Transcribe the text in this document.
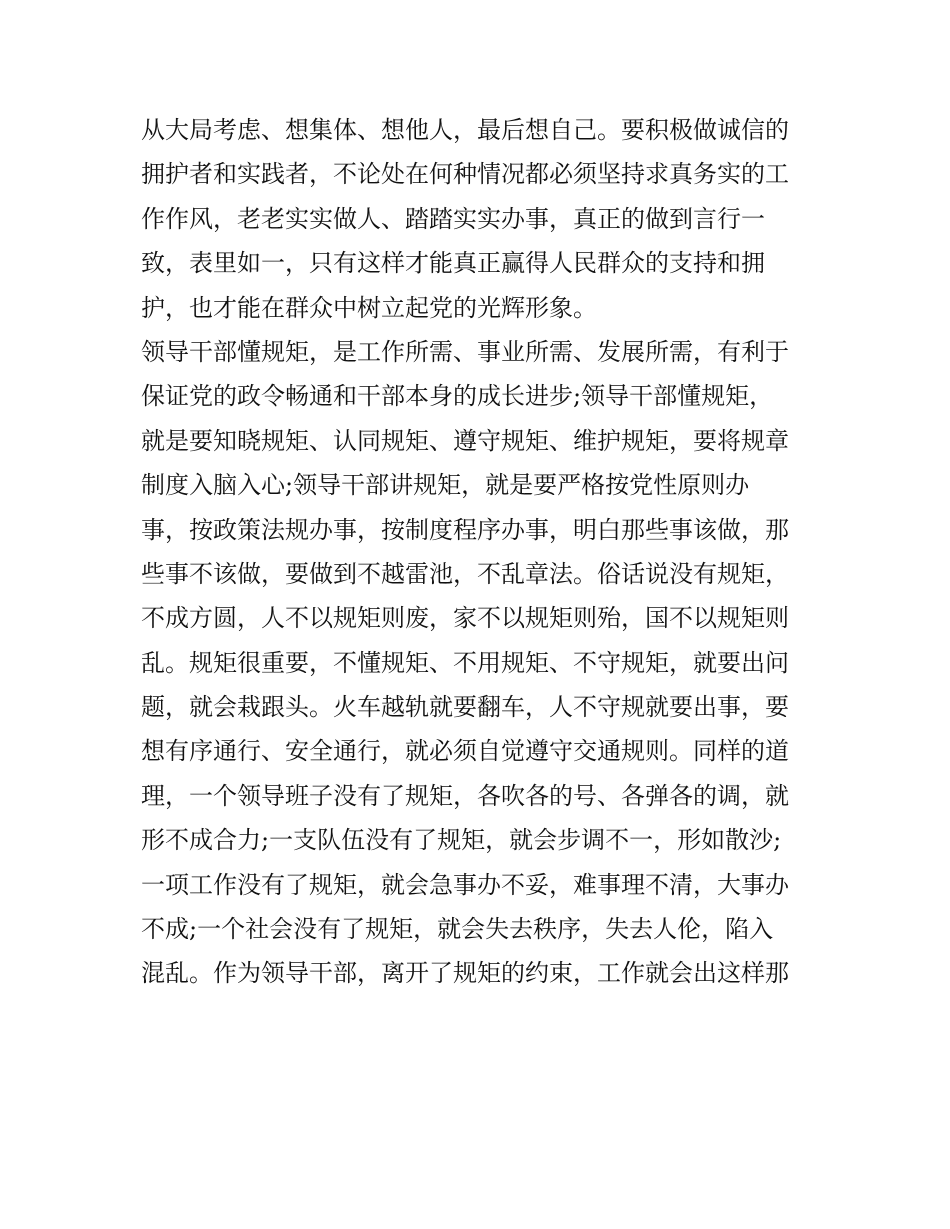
从大局考虑、想集体、想他人，最后想自己。要积极做诚信的
拥护者和实践者，不论处在何种情况都必须坚持求真务实的工
作作风，老老实实做人、踏踏实实办事，真正的做到言行一
致，表里如一，只有这样才能真正赢得人民群众的支持和拥
护，也才能在群众中树立起党的光辉形象。
领导干部懂规矩，是工作所需、事业所需、发展所需，有利于
保证党的政令畅通和干部本身的成长进步;领导干部懂规矩，
就是要知晓规矩、认同规矩、遵守规矩、维护规矩，要将规章
制度入脑入心;领导干部讲规矩，就是要严格按党性原则办
事，按政策法规办事，按制度程序办事，明白那些事该做，那
些事不该做，要做到不越雷池，不乱章法。俗话说没有规矩，
不成方圆，人不以规矩则废，家不以规矩则殆，国不以规矩则
乱。规矩很重要，不懂规矩、不用规矩、不守规矩，就要出问
题，就会栽跟头。火车越轨就要翻车，人不守规就要出事，要
想有序通行、安全通行，就必须自觉遵守交通规则。同样的道
理，一个领导班子没有了规矩，各吹各的号、各弹各的调，就
形不成合力;一支队伍没有了规矩，就会步调不一，形如散沙;
一项工作没有了规矩，就会急事办不妥，难事理不清，大事办
不成;一个社会没有了规矩，就会失去秩序，失去人伦，陷入
混乱。作为领导干部，离开了规矩的约束，工作就会出这样那
